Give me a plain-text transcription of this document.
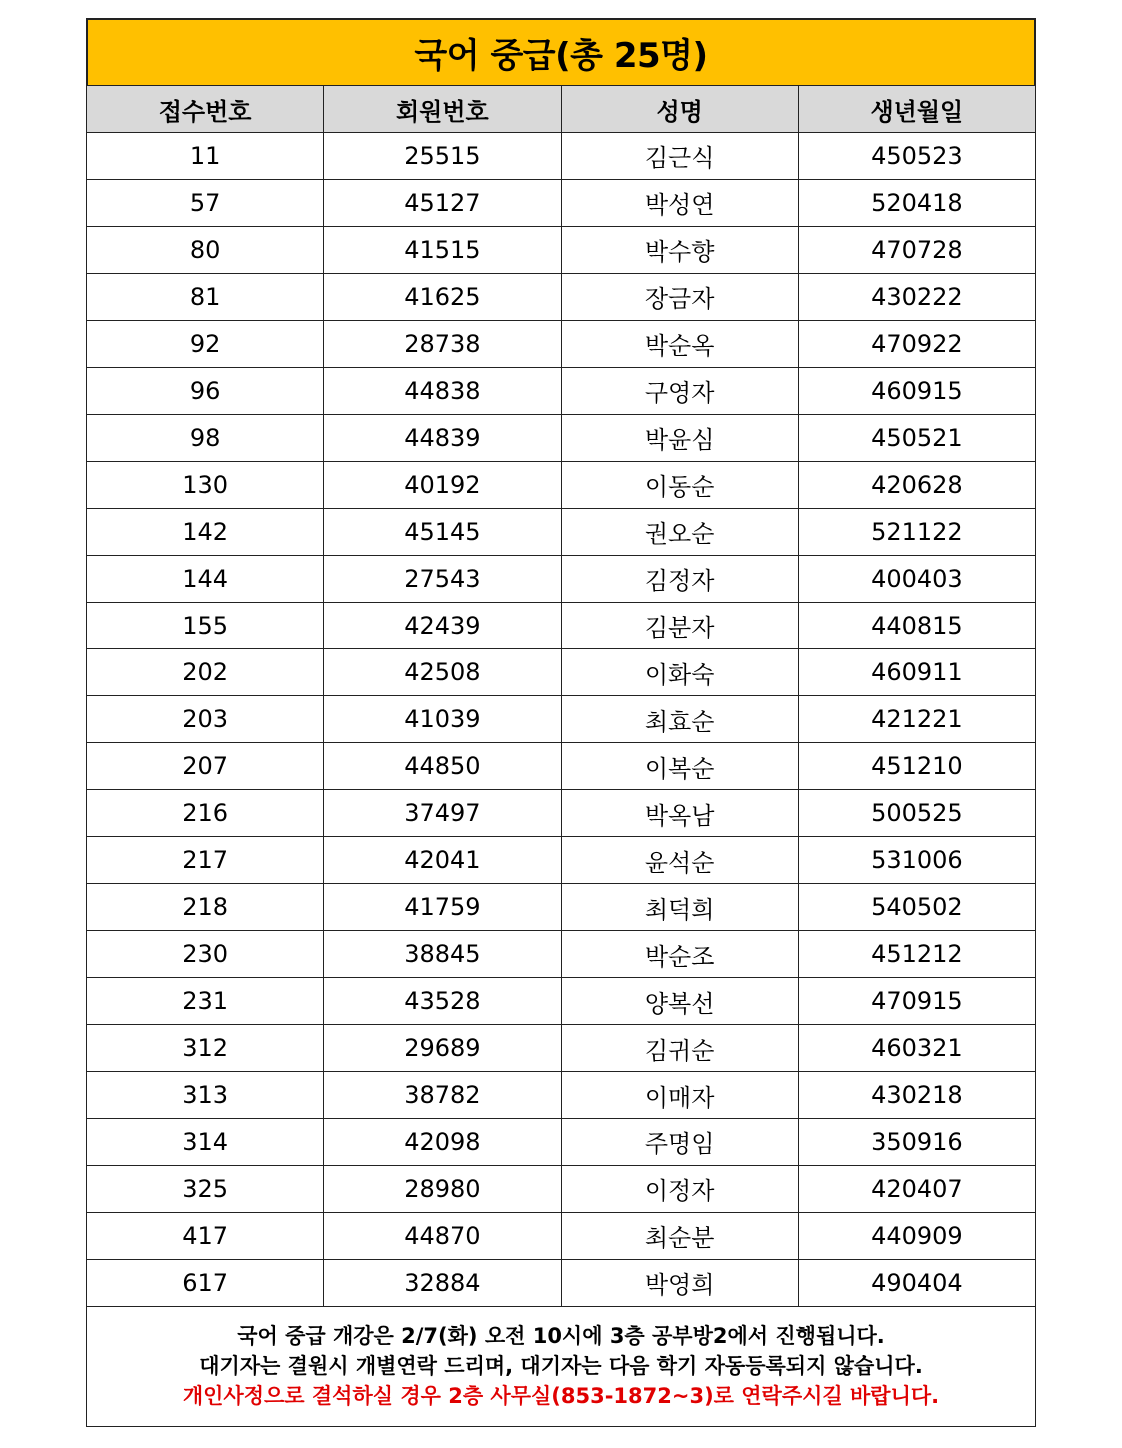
국어 중급(총 25명)
접수번호	회원번호	성명	생년월일
11	25515	김근식	450523
57	45127	박성연	520418
80	41515	박수향	470728
81	41625	장금자	430222
92	28738	박순옥	470922
96	44838	구영자	460915
98	44839	박윤심	450521
130	40192	이동순	420628
142	45145	권오순	521122
144	27543	김정자	400403
155	42439	김분자	440815
202	42508	이화숙	460911
203	41039	최효순	421221
207	44850	이복순	451210
216	37497	박옥남	500525
217	42041	윤석순	531006
218	41759	최덕희	540502
230	38845	박순조	451212
231	43528	양복선	470915
312	29689	김귀순	460321
313	38782	이매자	430218
314	42098	주명임	350916
325	28980	이정자	420407
417	44870	최순분	440909
617	32884	박영희	490404
국어 중급 개강은 2/7(화) 오전 10시에 3층 공부방2에서 진행됩니다.
대기자는 결원시 개별연락 드리며, 대기자는 다음 학기 자동등록되지 않습니다.
개인사정으로 결석하실 경우 2층 사무실(853-1872~3)로 연락주시길 바랍니다.
